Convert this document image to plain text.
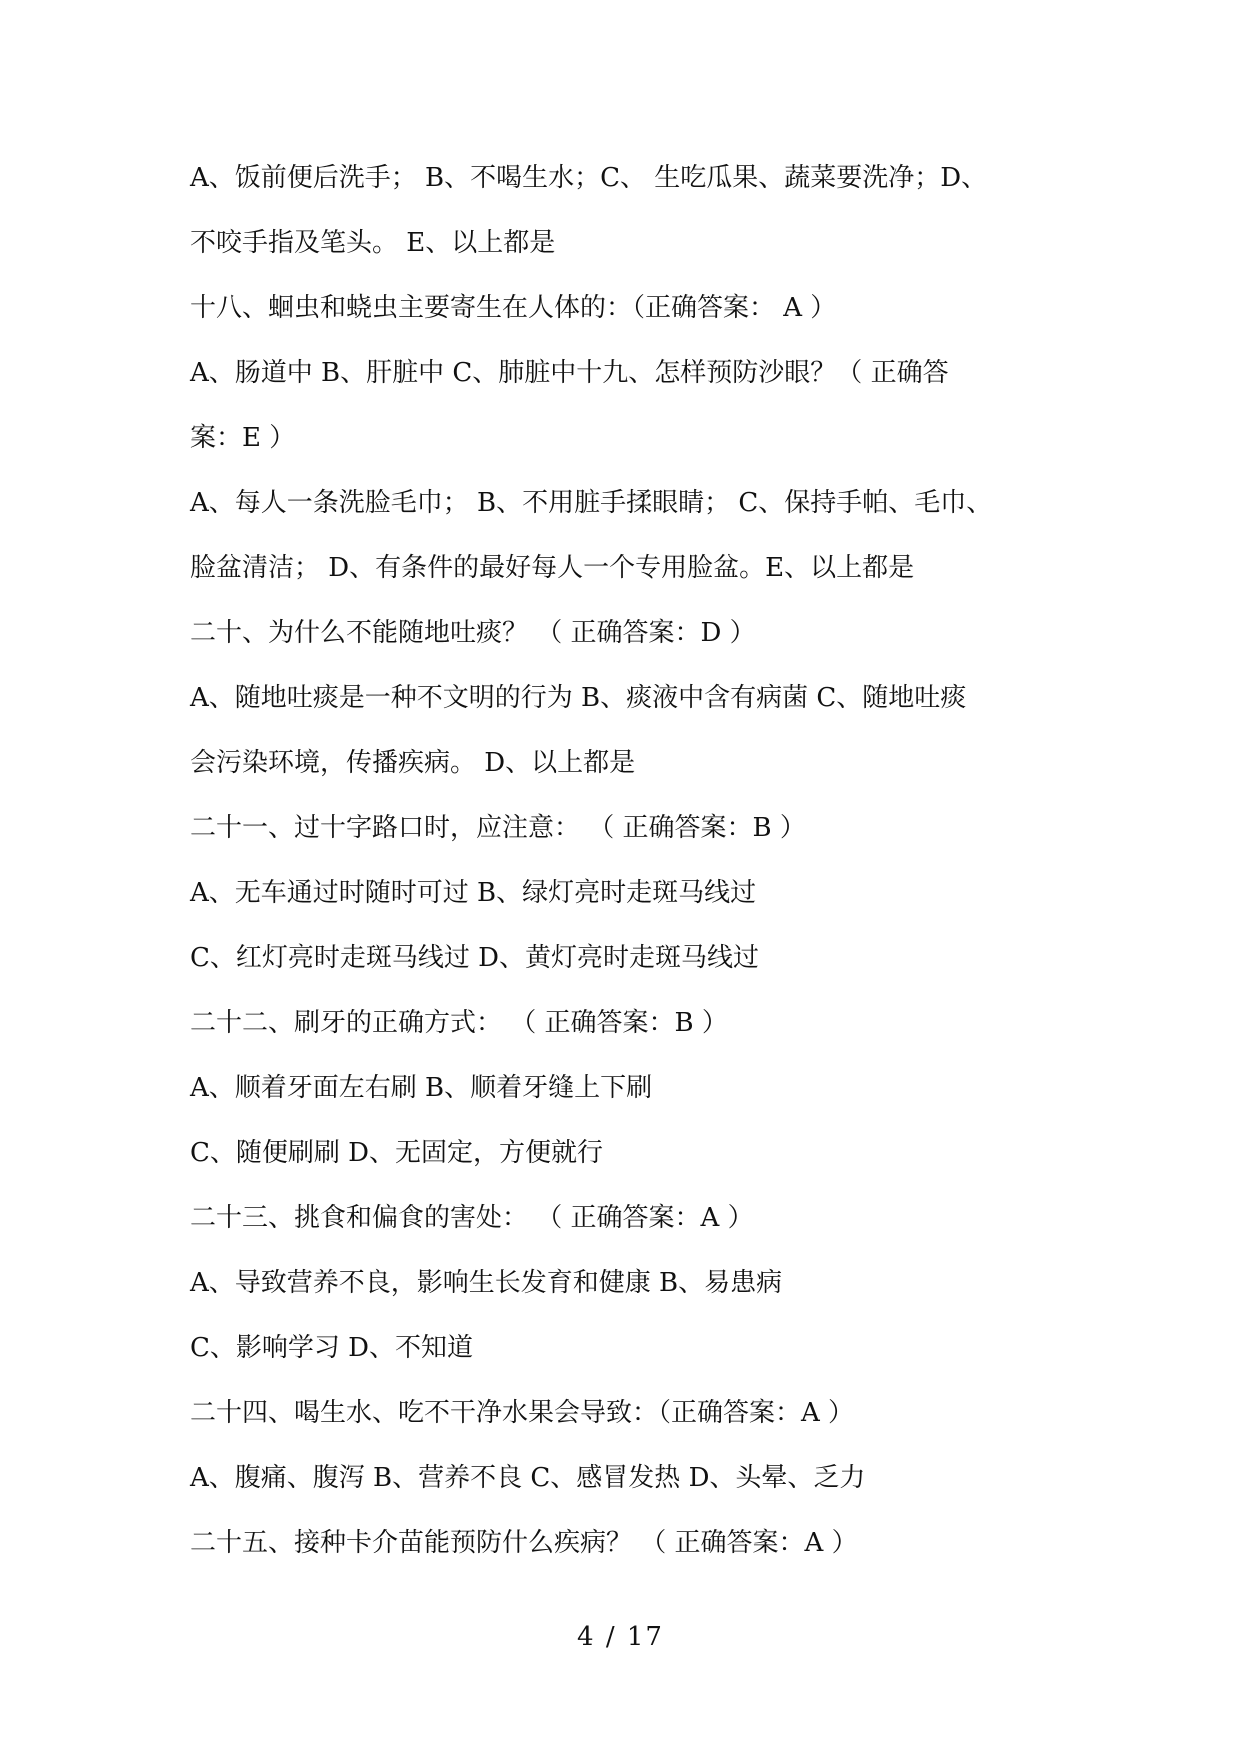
A、饭前便后洗手； B、不喝生水；C、 生吃瓜果、蔬菜要洗净；D、
不咬手指及笔头。 E、以上都是
十八、蛔虫和蛲虫主要寄生在人体的：（正确答案： A ）
A、肠道中 B、肝脏中 C、肺脏中十九、怎样预防沙眼？（ 正确答
案：E ）
A、每人一条洗脸毛巾； B、不用脏手揉眼睛； C、保持手帕、毛巾、
脸盆清洁； D、有条件的最好每人一个专用脸盆。E、以上都是
二十、为什么不能随地吐痰？ （ 正确答案：D ）
A、随地吐痰是一种不文明的行为 B、痰液中含有病菌 C、随地吐痰
会污染环境，传播疾病。 D、以上都是
二十一、过十字路口时，应注意： （ 正确答案：B ）
A、无车通过时随时可过 B、绿灯亮时走斑马线过
C、红灯亮时走斑马线过 D、黄灯亮时走斑马线过
二十二、刷牙的正确方式： （ 正确答案：B ）
A、顺着牙面左右刷 B、顺着牙缝上下刷
C、随便刷刷 D、无固定，方便就行
二十三、挑食和偏食的害处： （ 正确答案：A ）
A、导致营养不良，影响生长发育和健康 B、易患病
C、影响学习 D、不知道
二十四、喝生水、吃不干净水果会导致：（正确答案：A ）
A、腹痛、腹泻 B、营养不良 C、感冒发热 D、头晕、乏力
二十五、接种卡介苗能预防什么疾病？ （ 正确答案：A ）
4 / 17
